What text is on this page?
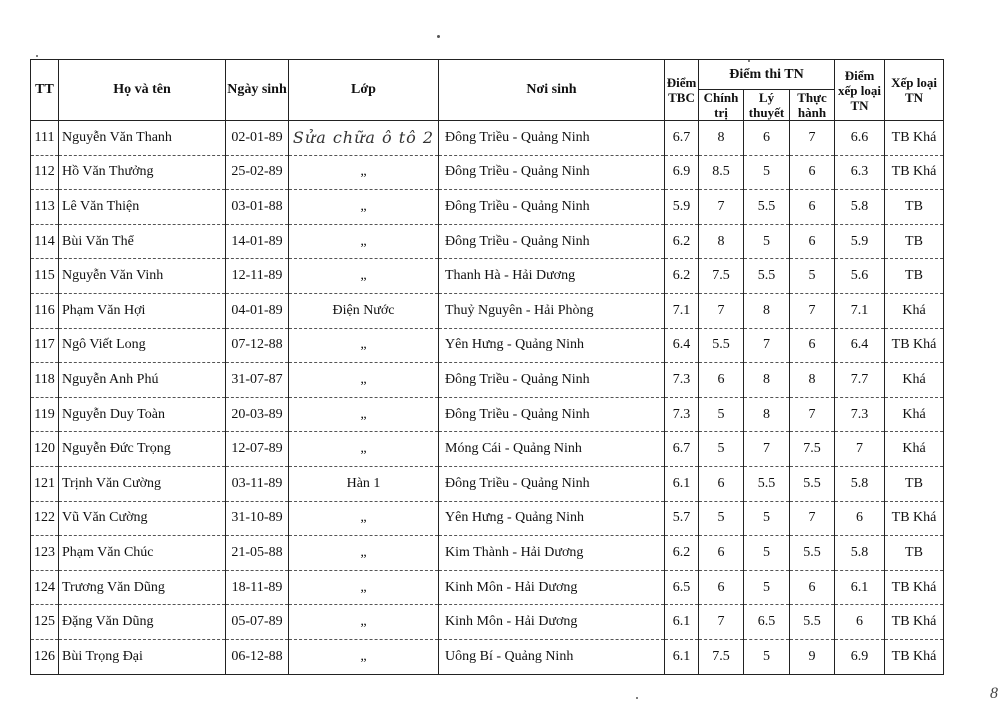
TT	Họ và tên	Ngày sinh	Lớp	Nơi sinh	Điểm TBC	Điểm thi TN			Điểm xếp loại TN	Xếp loại TN
						Chính trị	Lý thuyết	Thực hành		
111	Nguyễn Văn Thanh	02-01-89	Sửa chữa ô tô 2	Đông Triều - Quảng Ninh	6.7	8	6	7	6.6	TB Khá
112	Hồ Văn Thưởng	25-02-89	„	Đông Triều - Quảng Ninh	6.9	8.5	5	6	6.3	TB Khá
113	Lê Văn Thiện	03-01-88	„	Đông Triều - Quảng Ninh	5.9	7	5.5	6	5.8	TB
114	Bùi Văn Thể	14-01-89	„	Đông Triều - Quảng Ninh	6.2	8	5	6	5.9	TB
115	Nguyễn Văn Vinh	12-11-89	„	Thanh Hà - Hải Dương	6.2	7.5	5.5	5	5.6	TB
116	Phạm Văn Hợi	04-01-89	Điện Nước	Thuỷ Nguyên - Hải Phòng	7.1	7	8	7	7.1	Khá
117	Ngô Viết Long	07-12-88	„	Yên Hưng - Quảng Ninh	6.4	5.5	7	6	6.4	TB Khá
118	Nguyễn Anh Phú	31-07-87	„	Đông Triều - Quảng Ninh	7.3	6	8	8	7.7	Khá
119	Nguyễn Duy Toàn	20-03-89	„	Đông Triều - Quảng Ninh	7.3	5	8	7	7.3	Khá
120	Nguyễn Đức Trọng	12-07-89	„	Móng Cái - Quảng Ninh	6.7	5	7	7.5	7	Khá
121	Trịnh Văn Cường	03-11-89	Hàn 1	Đông Triều - Quảng Ninh	6.1	6	5.5	5.5	5.8	TB
122	Vũ Văn Cường	31-10-89	„	Yên Hưng - Quảng Ninh	5.7	5	5	7	6	TB Khá
123	Phạm Văn Chúc	21-05-88	„	Kim Thành - Hải Dương	6.2	6	5	5.5	5.8	TB
124	Trương Văn Dũng	18-11-89	„	Kinh Môn - Hải Dương	6.5	6	5	6	6.1	TB Khá
125	Đặng Văn Dũng	05-07-89	„	Kinh Môn - Hải Dương	6.1	7	6.5	5.5	6	TB Khá
126	Bùi Trọng Đại	06-12-88	„	Uông Bí - Quảng Ninh	6.1	7.5	5	9	6.9	TB Khá
8
